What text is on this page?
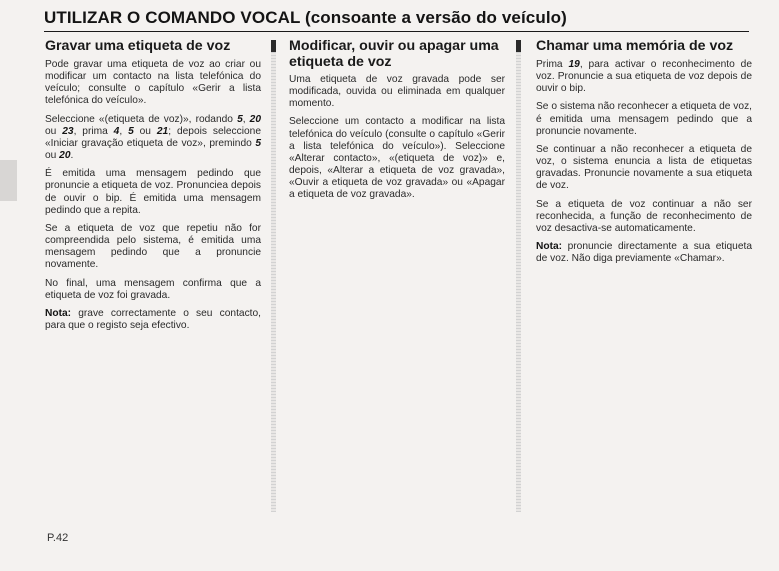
UTILIZAR O COMANDO VOCAL (consoante a versão do veículo)
Gravar uma etiqueta de voz

Pode gravar uma etiqueta de voz ao criar ou modificar um contacto na lista telefónica do veículo; consulte o capítulo «Gerir a lista telefónica do veículo».

Seleccione «(etiqueta de voz)», rodando 5, 20 ou 23, prima 4, 5 ou 21; depois seleccione «Iniciar gravação etiqueta de voz», premindo 5 ou 20.

É emitida uma mensagem pedindo que pronuncie a etiqueta de voz. Pronunciea depois de ouvir o bip. É emitida uma mensagem pedindo que a repita.

Se a etiqueta de voz que repetiu não for compreendida pelo sistema, é emitida uma mensagem pedindo que a pronuncie novamente.

No final, uma mensagem confirma que a etiqueta de voz foi gravada.

Nota: grave correctamente o seu contacto, para que o registo seja efectivo.

Modificar, ouvir ou apagar uma etiqueta de voz

Uma etiqueta de voz gravada pode ser modificada, ouvida ou eliminada em qualquer momento.

Seleccione um contacto a modificar na lista telefónica do veículo (consulte o capítulo «Gerir a lista telefónica do veículo»). Seleccione «Alterar contacto», «(etiqueta de voz)» e, depois, «Alterar a etiqueta de voz gravada», «Ouvir a etiqueta de voz gravada» ou «Apagar a etiqueta de voz gravada».

Chamar uma memória de voz

Prima 19, para activar o reconhecimento de voz. Pronuncie a sua etiqueta de voz depois de ouvir o bip.

Se o sistema não reconhecer a etiqueta de voz, é emitida uma mensagem pedindo que a pronuncie novamente.

Se continuar a não reconhecer a etiqueta de voz, o sistema enuncia a lista de etiquetas gravadas. Pronuncie novamente a sua etiqueta de voz.

Se a etiqueta de voz continuar a não ser reconhecida, a função de reconhecimento de voz desactiva-se automaticamente.

Nota: pronuncie directamente a sua etiqueta de voz. Não diga previamente «Chamar».

P.42
